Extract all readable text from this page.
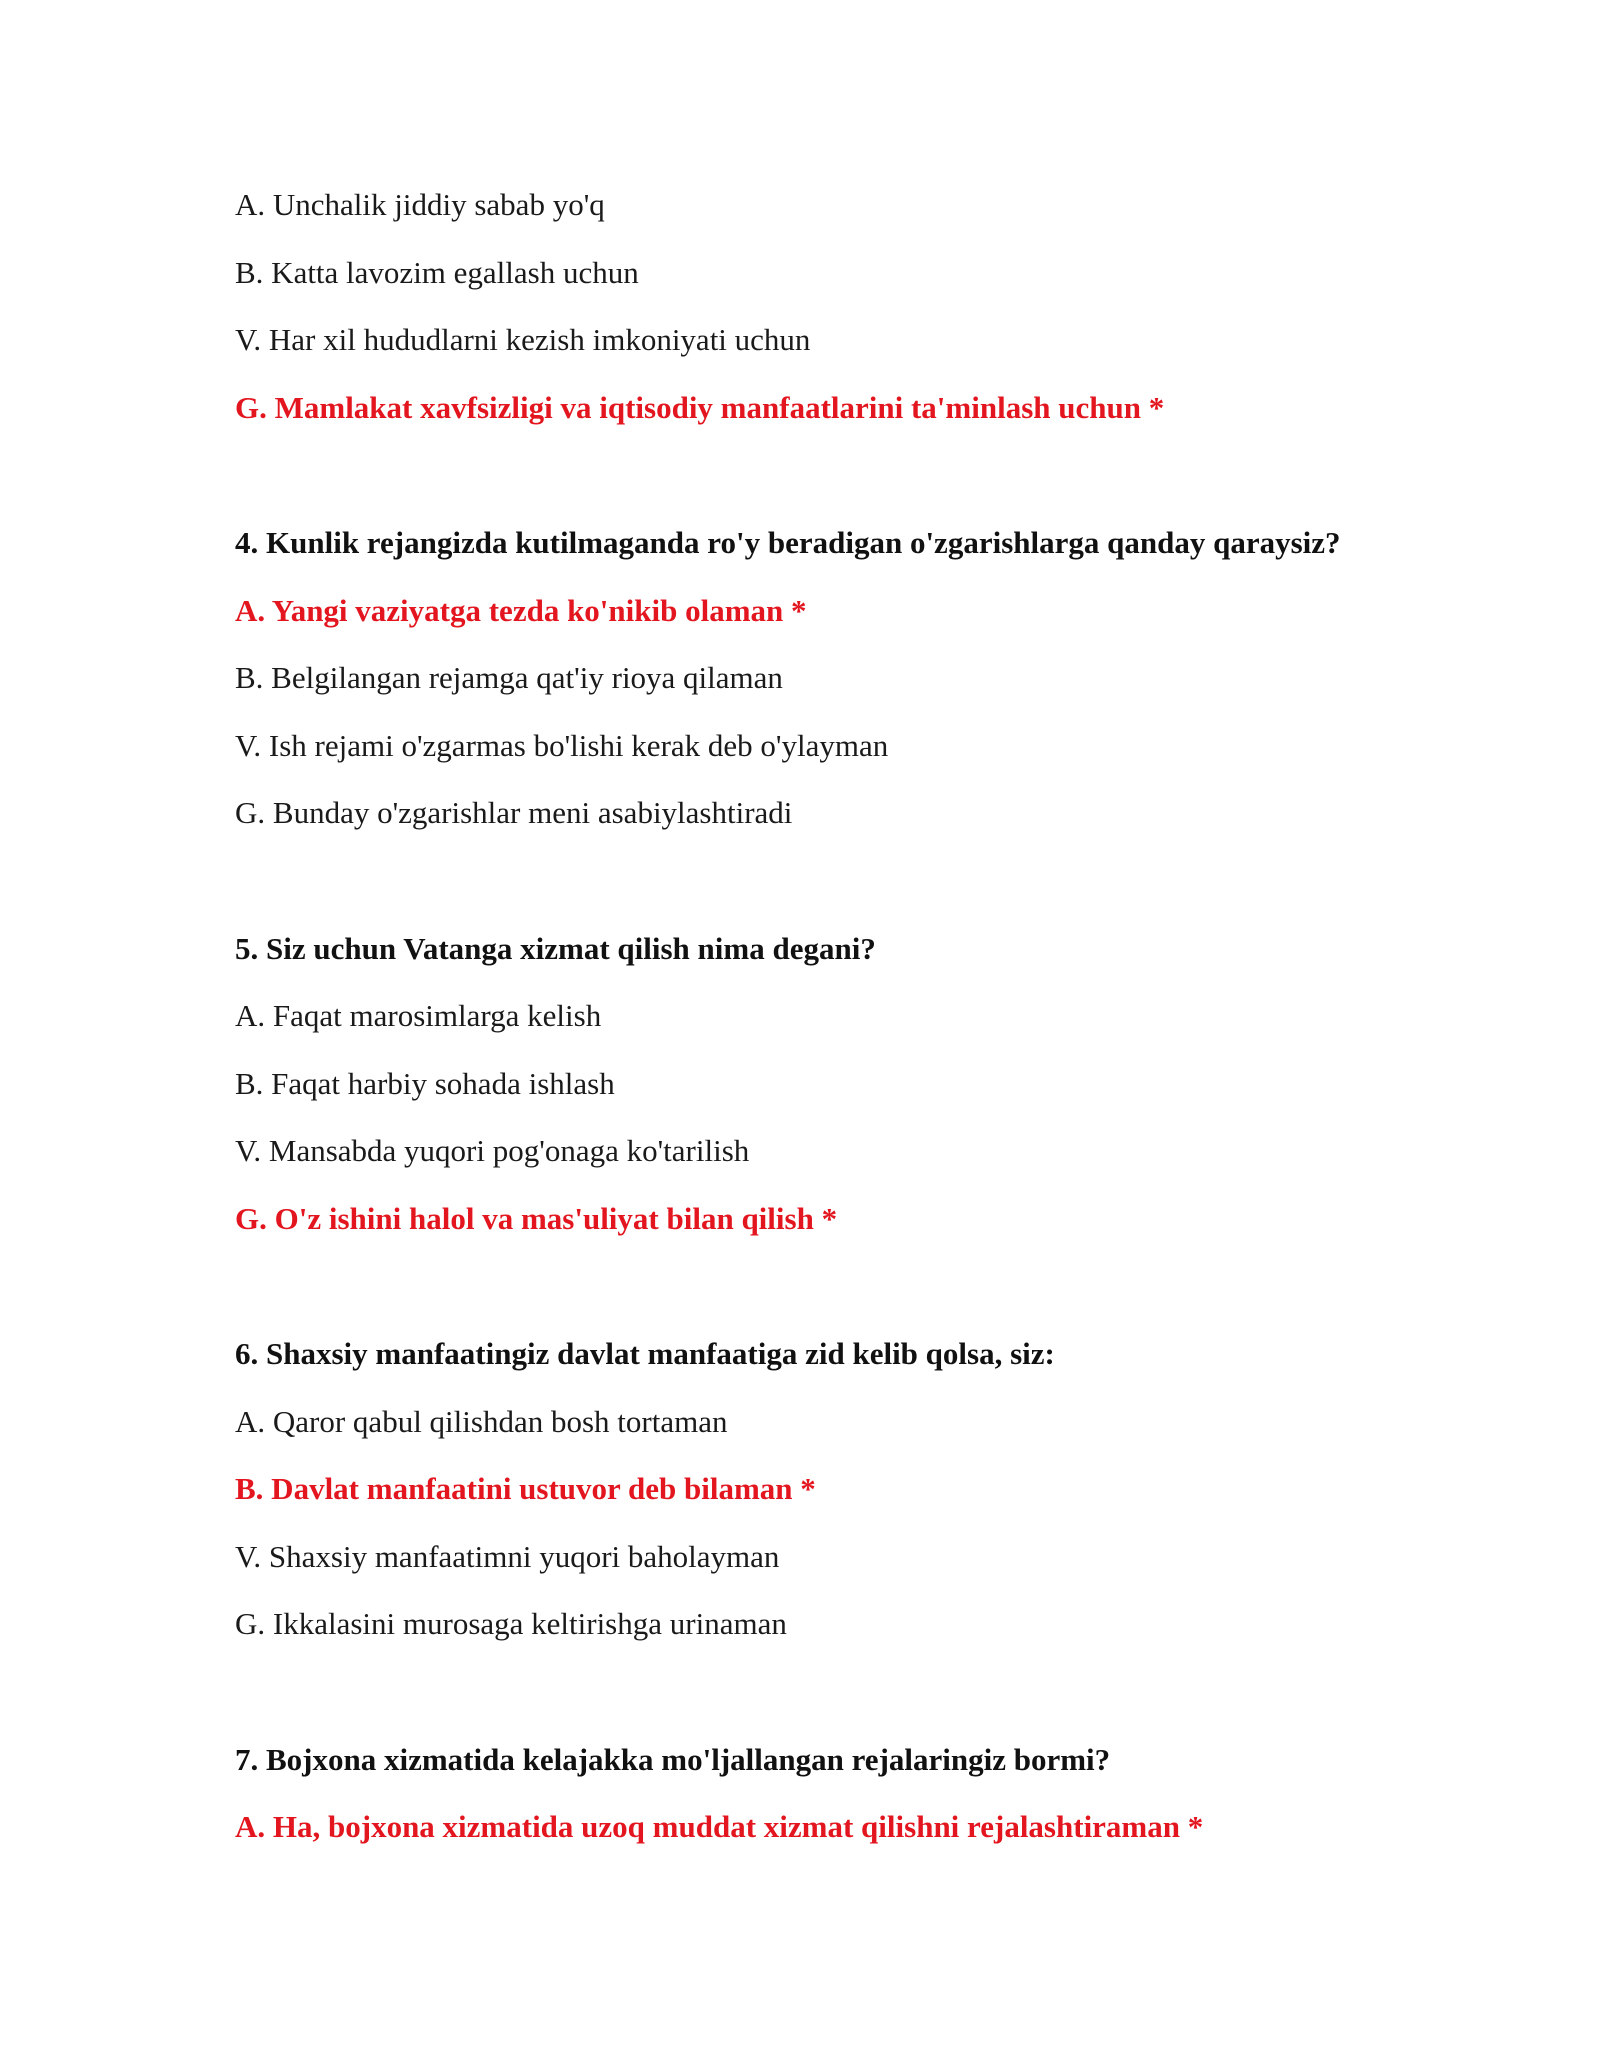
A. Unchalik jiddiy sabab yo'q
B. Katta lavozim egallash uchun
V. Har xil hududlarni kezish imkoniyati uchun
G. Mamlakat xavfsizligi va iqtisodiy manfaatlarini ta'minlash uchun *
4. Kunlik rejangizda kutilmaganda ro'y beradigan o'zgarishlarga qanday qaraysiz?
A. Yangi vaziyatga tezda ko'nikib olaman *
B. Belgilangan rejamga qat'iy rioya qilaman
V. Ish rejami o'zgarmas bo'lishi kerak deb o'ylayman
G. Bunday o'zgarishlar meni asabiylashtiradi
5. Siz uchun Vatanga xizmat qilish nima degani?
A. Faqat marosimlarga kelish
B. Faqat harbiy sohada ishlash
V. Mansabda yuqori pog'onaga ko'tarilish
G. O'z ishini halol va mas'uliyat bilan qilish *
6. Shaxsiy manfaatingiz davlat manfaatiga zid kelib qolsa, siz:
A. Qaror qabul qilishdan bosh tortaman
B. Davlat manfaatini ustuvor deb bilaman *
V. Shaxsiy manfaatimni yuqori baholayman
G. Ikkalasini murosaga keltirishga urinaman
7. Bojxona xizmatida kelajakka mo'ljallangan rejalaringiz bormi?
A. Ha, bojxona xizmatida uzoq muddat xizmat qilishni rejalashtiraman *
